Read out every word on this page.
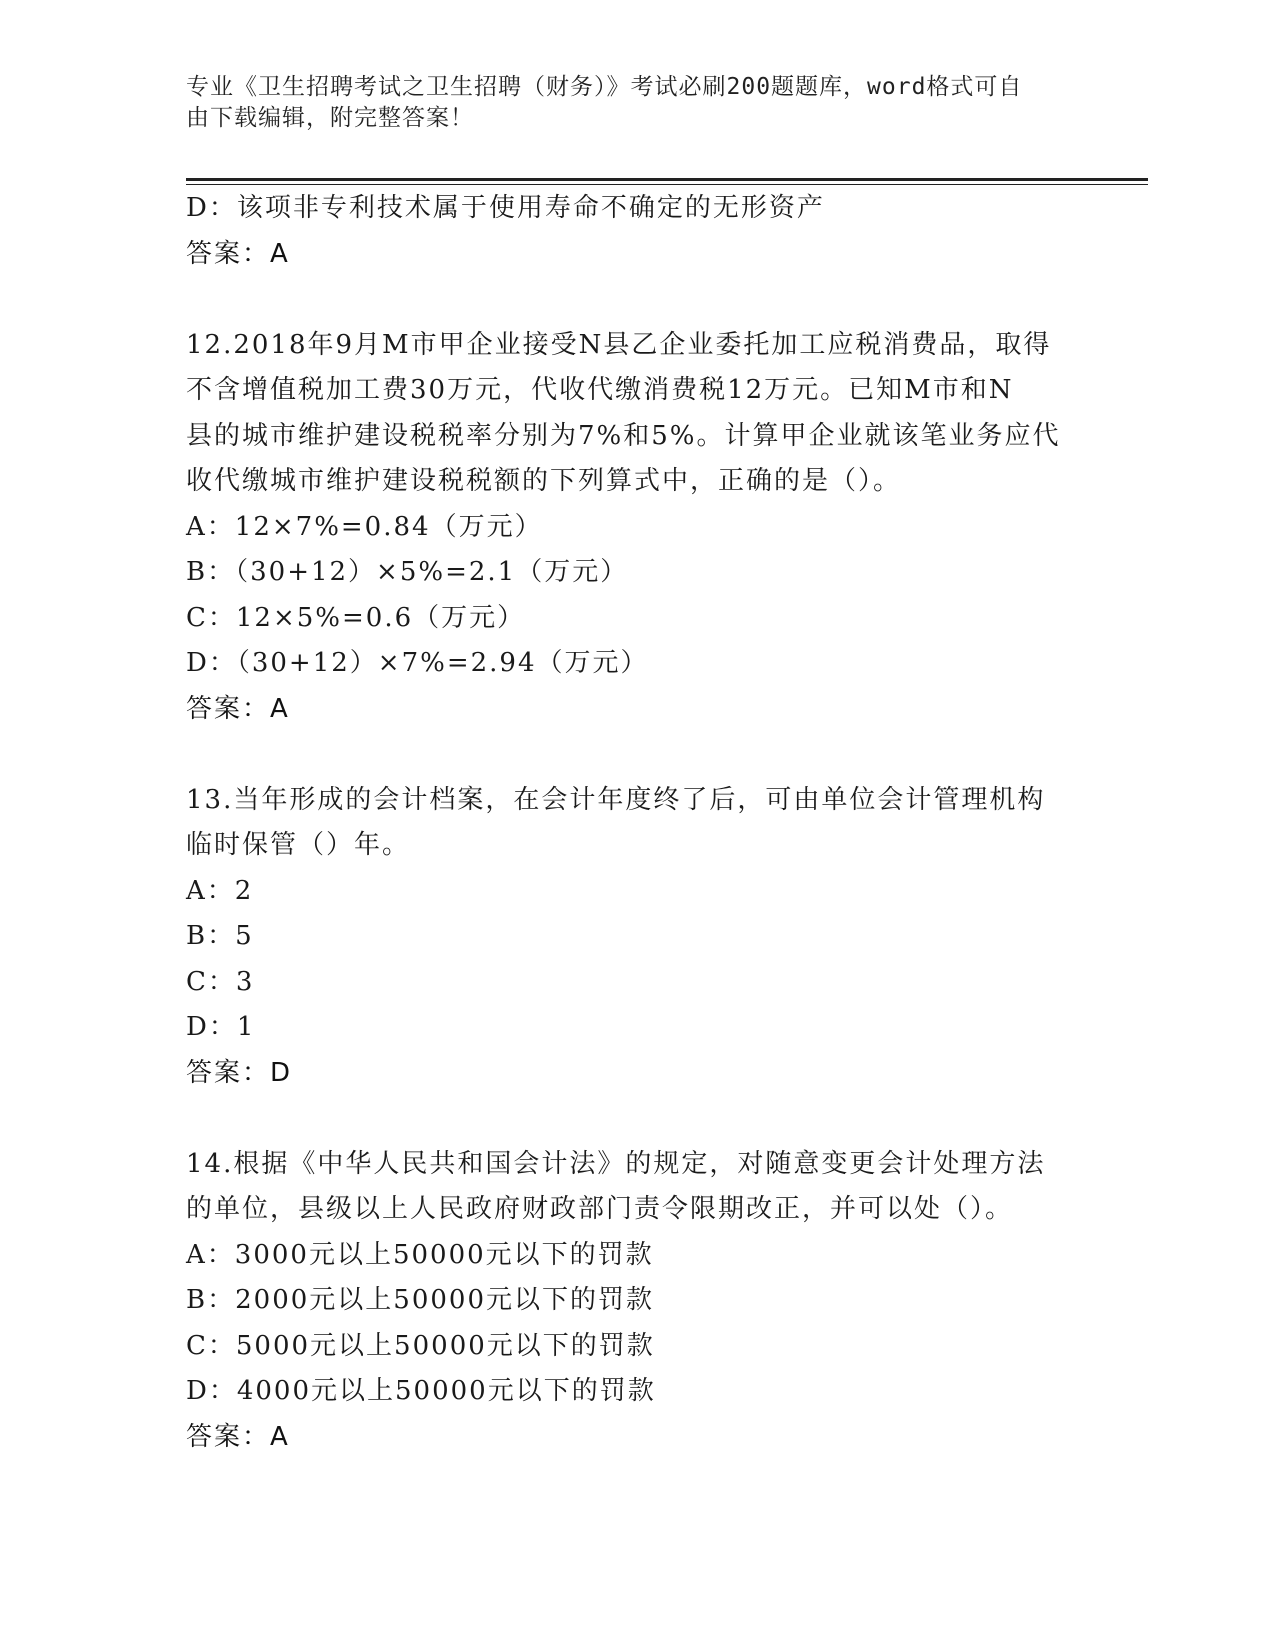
专业《卫生招聘考试之卫生招聘（财务）》考试必刷200题题库，word格式可自
由下载编辑，附完整答案！
D：该项非专利技术属于使用寿命不确定的无形资产
答案：A
12.2018年9月M市甲企业接受N县乙企业委托加工应税消费品，取得
不含增值税加工费30万元，代收代缴消费税12万元。已知M市和N
县的城市维护建设税税率分别为7%和5%。计算甲企业就该笔业务应代
收代缴城市维护建设税税额的下列算式中，正确的是（）。
A：12×7%=0.84（万元）
B：（30+12）×5%=2.1（万元）
C：12×5%=0.6（万元）
D：（30+12）×7%=2.94（万元）
答案：A
13.当年形成的会计档案，在会计年度终了后，可由单位会计管理机构
临时保管（）年。
A：2
B：5
C：3
D：1
答案：D
14.根据《中华人民共和国会计法》的规定，对随意变更会计处理方法
的单位，县级以上人民政府财政部门责令限期改正，并可以处（）。
A：3000元以上50000元以下的罚款
B：2000元以上50000元以下的罚款
C：5000元以上50000元以下的罚款
D：4000元以上50000元以下的罚款
答案：A
